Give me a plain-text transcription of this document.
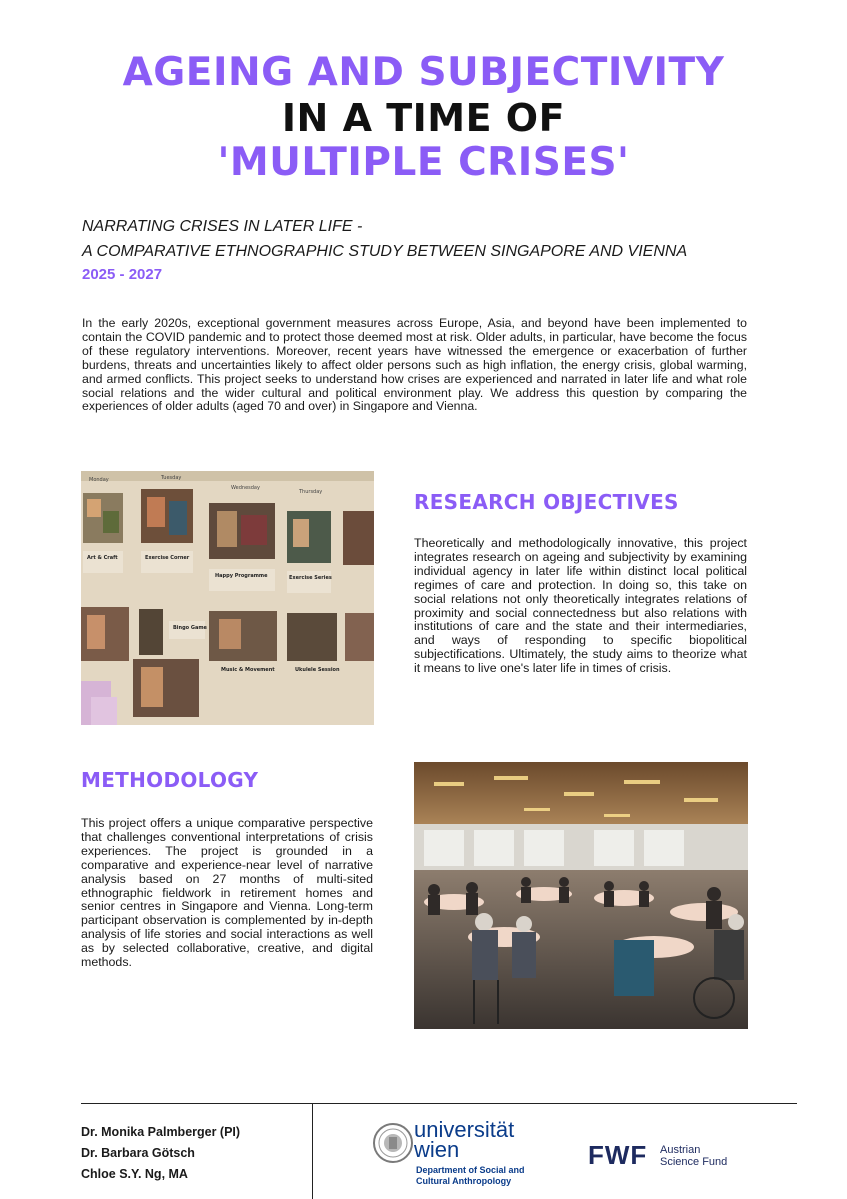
AGEING AND SUBJECTIVITY
IN A TIME OF
'MULTIPLE CRISES'
NARRATING CRISES IN LATER LIFE -
A COMPARATIVE ETHNOGRAPHIC STUDY BETWEEN SINGAPORE AND VIENNA
2025 - 2027

In the early 2020s, exceptional government measures across Europe, Asia, and beyond have been implemented to contain the COVID pandemic and to protect those deemed most at risk. Older adults, in particular, have become the focus of these regulatory interventions. Moreover, recent years have witnessed the emergence or exacerbation of further burdens, threats and uncertainties likely to affect older persons such as high inflation, the energy crisis, global warming, and armed conflicts. This project seeks to understand how crises are experienced and narrated in later life and what role social relations and the wider cultural and political environment play. We address this question by comparing the experiences of older adults (aged 70 and over) in Singapore and Vienna.

Monday	Tuesday
Wednesday
Thursday
Art & Craft	Exercise Corner
Happy Programme	Exercise Series
Bingo Game
Music & Movement	Ukulele Session
RESEARCH OBJECTIVES

Theoretically and methodologically innovative, this project integrates research on ageing and subjectivity by examining individual agency in later life within distinct local political regimes of care and protection. In doing so, this take on social relations not only theoretically integrates relations of proximity and social connectedness but also relations with institutions of care and the state and their intermediaries, and ways of responding to specific biopolitical subjectifications. Ultimately, the study aims to theorize what it means to live one's later life in times of crisis.

METHODOLOGY

This project offers a unique comparative perspective that challenges conventional interpretations of crisis experiences. The project is grounded in a comparative and experience-near level of narrative analysis based on 27 months of multi-sited ethnographic fieldwork in retirement homes and senior centres in Singapore and Vienna. Long-term participant observation is complemented by in-depth analysis of life stories and social interactions as well as by selected collaborative, creative, and digital methods.

Dr. Monika Palmberger (PI)
Dr. Barbara Götsch
Chloe S.Y. Ng, MA
universität
wien
Department of Social and
Cultural Anthropology
FWF Austrian
Science Fund
